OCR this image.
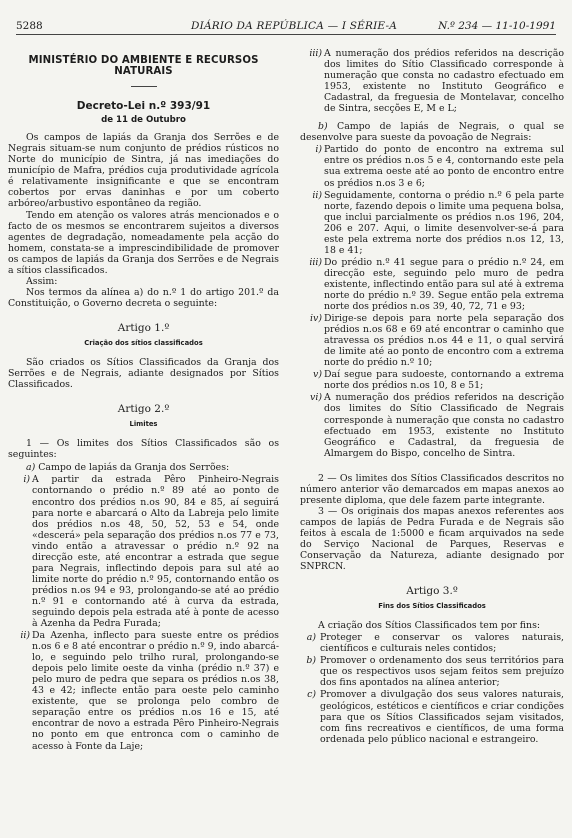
5288	DIÁRIO DA REPÚBLICA — I SÉRIE-A	N.º 234 — 11-10-1991
MINISTÉRIO DO AMBIENTE E RECURSOS NATURAIS
Decreto-Lei n.º 393/91
de 11 de Outubro

Os campos de lapiás da Granja dos Serrões e de Negrais situam-se num conjunto de prédios rústicos no Norte do município de Sintra, já nas imediações do município de Mafra, prédios cuja produtividade agrícola é relativamente insignificante e que se encontram cobertos por ervas daninhas e por um coberto arbóreo/arbustivo espontâneo da região.

Tendo em atenção os valores atrás mencionados e o facto de os mesmos se encontrarem sujeitos a diversos agentes de degradação, nomeadamente pela acção do homem, constata-se a imprescindibilidade de promover os campos de lapiás da Granja dos Serrões e de Negrais a sítios classificados.

Assim:

Nos termos da alínea a) do n.º 1 do artigo 201.º da Constituição, o Governo decreta o seguinte:

Artigo 1.º
Criação dos sítios classificados

São criados os Sítios Classificados da Granja dos Serrões e de Negrais, adiante designados por Sítios Classificados.

Artigo 2.º
Limites

1 — Os limites dos Sítios Classificados são os seguintes:

a) Campo de lapiás da Granja dos Serrões:

i) A partir da estrada Pêro Pinheiro-Negrais contornando o prédio n.º 89 até ao ponto de encontro dos prédios n.os 90, 84 e 85, aí seguirá para norte e abarcará o Alto da Labreja pelo limite dos prédios n.os 48, 50, 52, 53 e 54, onde «descerá» pela separação dos prédios n.os 77 e 73, vindo então a atravessar o prédio n.º 92 na direcção este, até encontrar a estrada que segue para Negrais, inflectindo depois para sul até ao limite norte do prédio n.º 95, contornando então os prédios n.os 94 e 93, prolongando-se até ao prédio n.º 91 e contornando até à curva da estrada, seguindo depois pela estrada até à ponte de acesso à Azenha da Pedra Furada;
ii) Da Azenha, inflecto para sueste entre os prédios n.os 6 e 8 até encontrar o prédio n.º 9, indo abarcá-lo, e seguindo pelo trilho rural, prolongando-se depois pelo limite oeste da vinha (prédio n.º 37) e pelo muro de pedra que separa os prédios n.os 38, 43 e 42; inflecte então para oeste pelo caminho existente, que se prolonga pelo combro de separação entre os prédios n.os 16 e 15, até encontrar de novo a estrada Pêro Pinheiro-Negrais no ponto em que entronca com o caminho de acesso à Fonte da Laje;
iii) A numeração dos prédios referidos na descrição dos limites do Sítio Classificado corresponde à numeração que consta no cadastro efectuado em 1953, existente no Instituto Geográfico e Cadastral, da freguesia de Montelavar, concelho de Sintra, secções E, M e L;

b) Campo de lapiás de Negrais, o qual se desenvolve para sueste da povoação de Negrais:

i) Partido do ponto de encontro na extrema sul entre os prédios n.os 5 e 4, contornando este pela sua extrema oeste até ao ponto de encontro entre os prédios n.os 3 e 6;
ii) Seguidamente, contorna o prédio n.º 6 pela parte norte, fazendo depois o limite uma pequena bolsa, que inclui parcialmente os prédios n.os 196, 204, 206 e 207. Aqui, o limite desenvolver-se-á para este pela extrema norte dos prédios n.os 12, 13, 18 e 41;
iii) Do prédio n.º 41 segue para o prédio n.º 24, em direcção este, seguindo pelo muro de pedra existente, inflectindo então para sul até à extrema norte do prédio n.º 39. Segue então pela extrema norte dos prédios n.os 39, 40, 72, 71 e 93;
iv) Dirige-se depois para norte pela separação dos prédios n.os 68 e 69 até encontrar o caminho que atravessa os prédios n.os 44 e 11, o qual servirá de limite até ao ponto de encontro com a extrema norte do prédio n.º 10;
v) Daí segue para sudoeste, contornando a extrema norte dos prédios n.os 10, 8 e 51;
vi) A numeração dos prédios referidos na descrição dos limites do Sítio Classificado de Negrais corresponde à numeração que consta no cadastro efectuado em 1953, existente no Instituto Geográfico e Cadastral, da freguesia de Almargem do Bispo, concelho de Sintra.

2 — Os limites dos Sítios Classificados descritos no número anterior vão demarcados em mapas anexos ao presente diploma, que dele fazem parte integrante.

3 — Os originais dos mapas anexos referentes aos campos de lapiás de Pedra Furada e de Negrais são feitos à escala de 1:5000 e ficam arquivados na sede do Serviço Nacional de Parques, Reservas e Conservação da Natureza, adiante designado por SNPRCN.

Artigo 3.º
Fins dos Sítios Classificados

A criação dos Sítios Classificados tem por fins:

a) Proteger e conservar os valores naturais, científicos e culturais neles contidos;
b) Promover o ordenamento dos seus territórios para que os respectivos usos sejam feitos sem prejuízo dos fins apontados na alínea anterior;
c) Promover a divulgação dos seus valores naturais, geológicos, estéticos e científicos e criar condições para que os Sítios Classificados sejam visitados, com fins recreativos e científicos, de uma forma ordenada pelo público nacional e estrangeiro.
